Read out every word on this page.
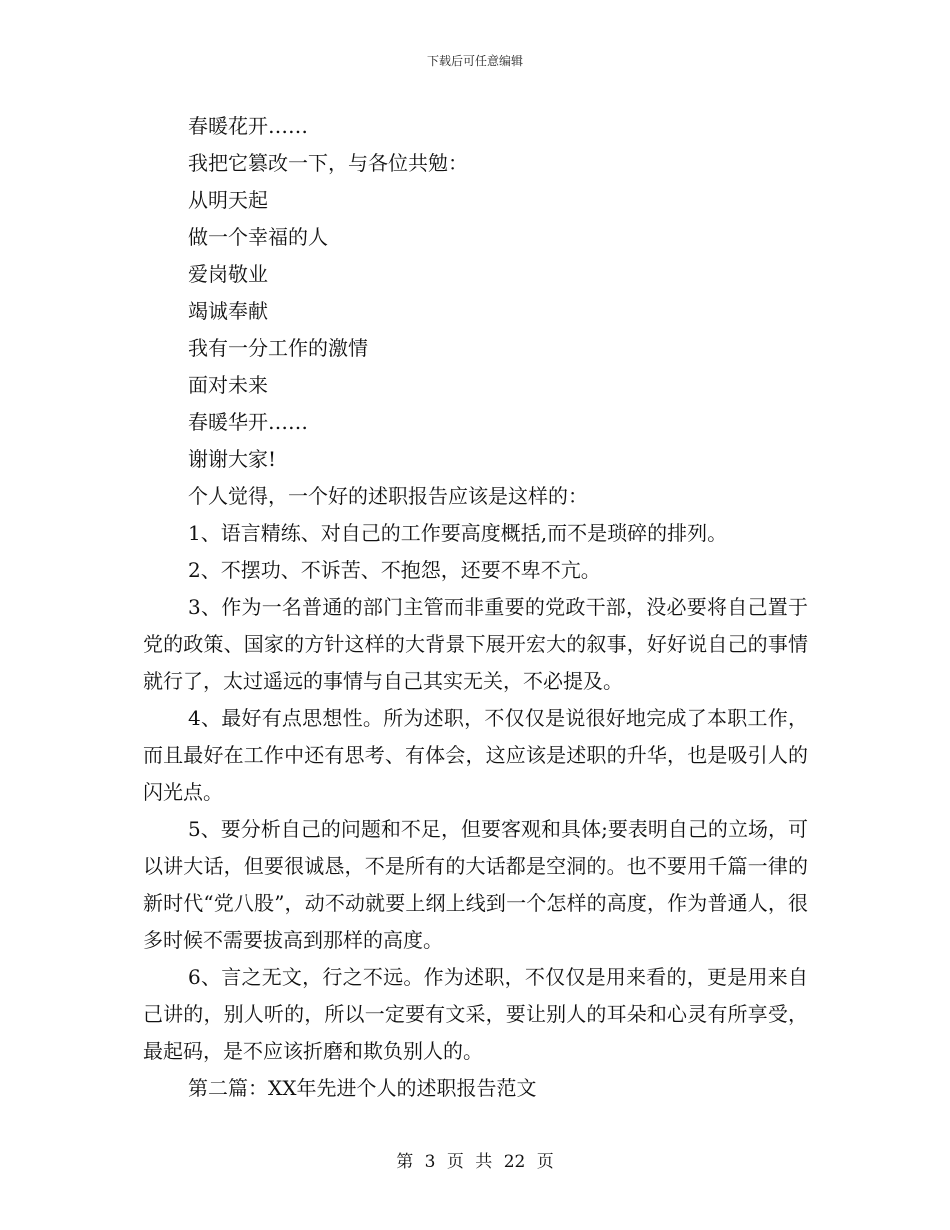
下载后可任意编辑

春暖花开……

我把它篡改一下，与各位共勉：

从明天起

做一个幸福的人

爱岗敬业

竭诚奉献

我有一分工作的激情

面对未来

春暖华开……

谢谢大家!

个人觉得，一个好的述职报告应该是这样的：

1、语言精练、对自己的工作要高度概括,而不是琐碎的排列。

2、不摆功、不诉苦、不抱怨，还要不卑不亢。

3、作为一名普通的部门主管而非重要的党政干部，没必要将自己置于党的政策、国家的方针这样的大背景下展开宏大的叙事，好好说自己的事情就行了，太过遥远的事情与自己其实无关，不必提及。

4、最好有点思想性。所为述职，不仅仅是说很好地完成了本职工作，而且最好在工作中还有思考、有体会，这应该是述职的升华，也是吸引人的闪光点。

5、要分析自己的问题和不足，但要客观和具体;要表明自己的立场，可以讲大话，但要很诚恳，不是所有的大话都是空洞的。也不要用千篇一律的新时代“党八股”，动不动就要上纲上线到一个怎样的高度，作为普通人，很多时候不需要拔高到那样的高度。

6、言之无文，行之不远。作为述职，不仅仅是用来看的，更是用来自己讲的，别人听的，所以一定要有文采，要让别人的耳朵和心灵有所享受，最起码，是不应该折磨和欺负别人的。

第二篇：XX年先进个人的述职报告范文

第 3 页 共 22 页
